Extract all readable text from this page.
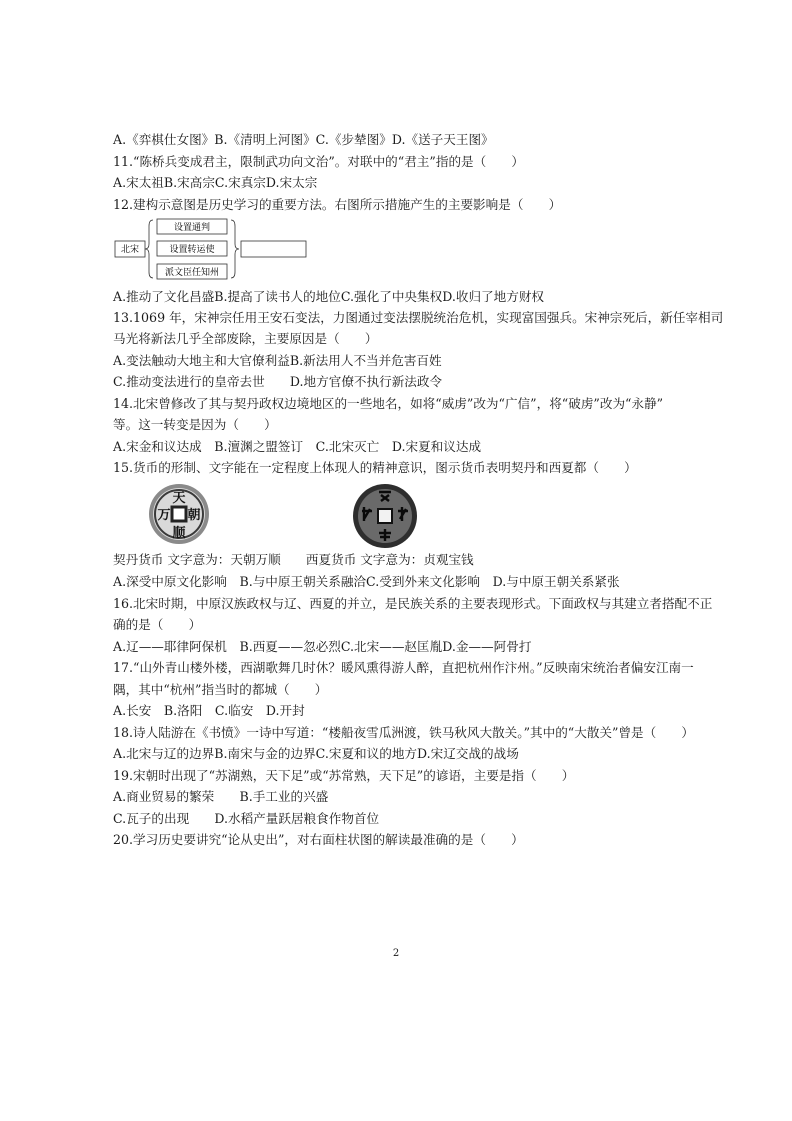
A.《弈棋仕女图》B.《清明上河图》C.《步辇图》D.《送子天王图》
11.“陈桥兵变成君主，限制武功向文治”。对联中的“君主”指的是（　　）
A.宋太祖B.宋高宗C.宋真宗D.宋太宗
12.建构示意图是历史学习的重要方法。右图所示措施产生的主要影响是（　　）
北宋
设置通判
设置转运使
派文臣任知州
A.推动了文化昌盛B.提高了读书人的地位C.强化了中央集权D.收归了地方财权
13.1069 年，宋神宗任用王安石变法，力图通过变法摆脱统治危机，实现富国强兵。宋神宗死后，新任宰相司
马光将新法几乎全部废除，主要原因是（　　）
A.变法触动大地主和大官僚利益B.新法用人不当并危害百姓
C.推动变法进行的皇帝去世　　D.地方官僚不执行新法政令
14.北宋曾修改了其与契丹政权边境地区的一些地名，如将“威虏”改为“广信”，将“破虏”改为“永静”
等。这一转变是因为（　　）
A.宋金和议达成　B.澶渊之盟签订　C.北宋灭亡　D.宋夏和议达成
15.货币的形制、文字能在一定程度上体现人的精神意识，图示货币表明契丹和西夏都（　　）
天
万 朝
顺
契丹货币 文字意为：天朝万顺　　西夏货币 文字意为：贞观宝钱
A.深受中原文化影响　B.与中原王朝关系融洽C.受到外来文化影响　D.与中原王朝关系紧张
16.北宋时期，中原汉族政权与辽、西夏的并立，是民族关系的主要表现形式。下面政权与其建立者搭配不正
确的是（　　）
A.辽——耶律阿保机　B.西夏——忽必烈C.北宋——赵匡胤D.金——阿骨打
17.“山外青山楼外楼，西湖歌舞几时休？暖风熏得游人醉，直把杭州作汴州。”反映南宋统治者偏安江南一
隅，其中“杭州”指当时的都城（　　）
A.长安　B.洛阳　C.临安　D.开封
18.诗人陆游在《书愤》一诗中写道：“楼船夜雪瓜洲渡，铁马秋风大散关。”其中的“大散关”曾是（　　）
A.北宋与辽的边界B.南宋与金的边界C.宋夏和议的地方D.宋辽交战的战场
19.宋朝时出现了“苏湖熟，天下足”或“苏常熟，天下足”的谚语，主要是指（　　）
A.商业贸易的繁荣　　B.手工业的兴盛
C.瓦子的出现　　D.水稻产量跃居粮食作物首位
20.学习历史要讲究“论从史出”，对右面柱状图的解读最准确的是（　　）
2
